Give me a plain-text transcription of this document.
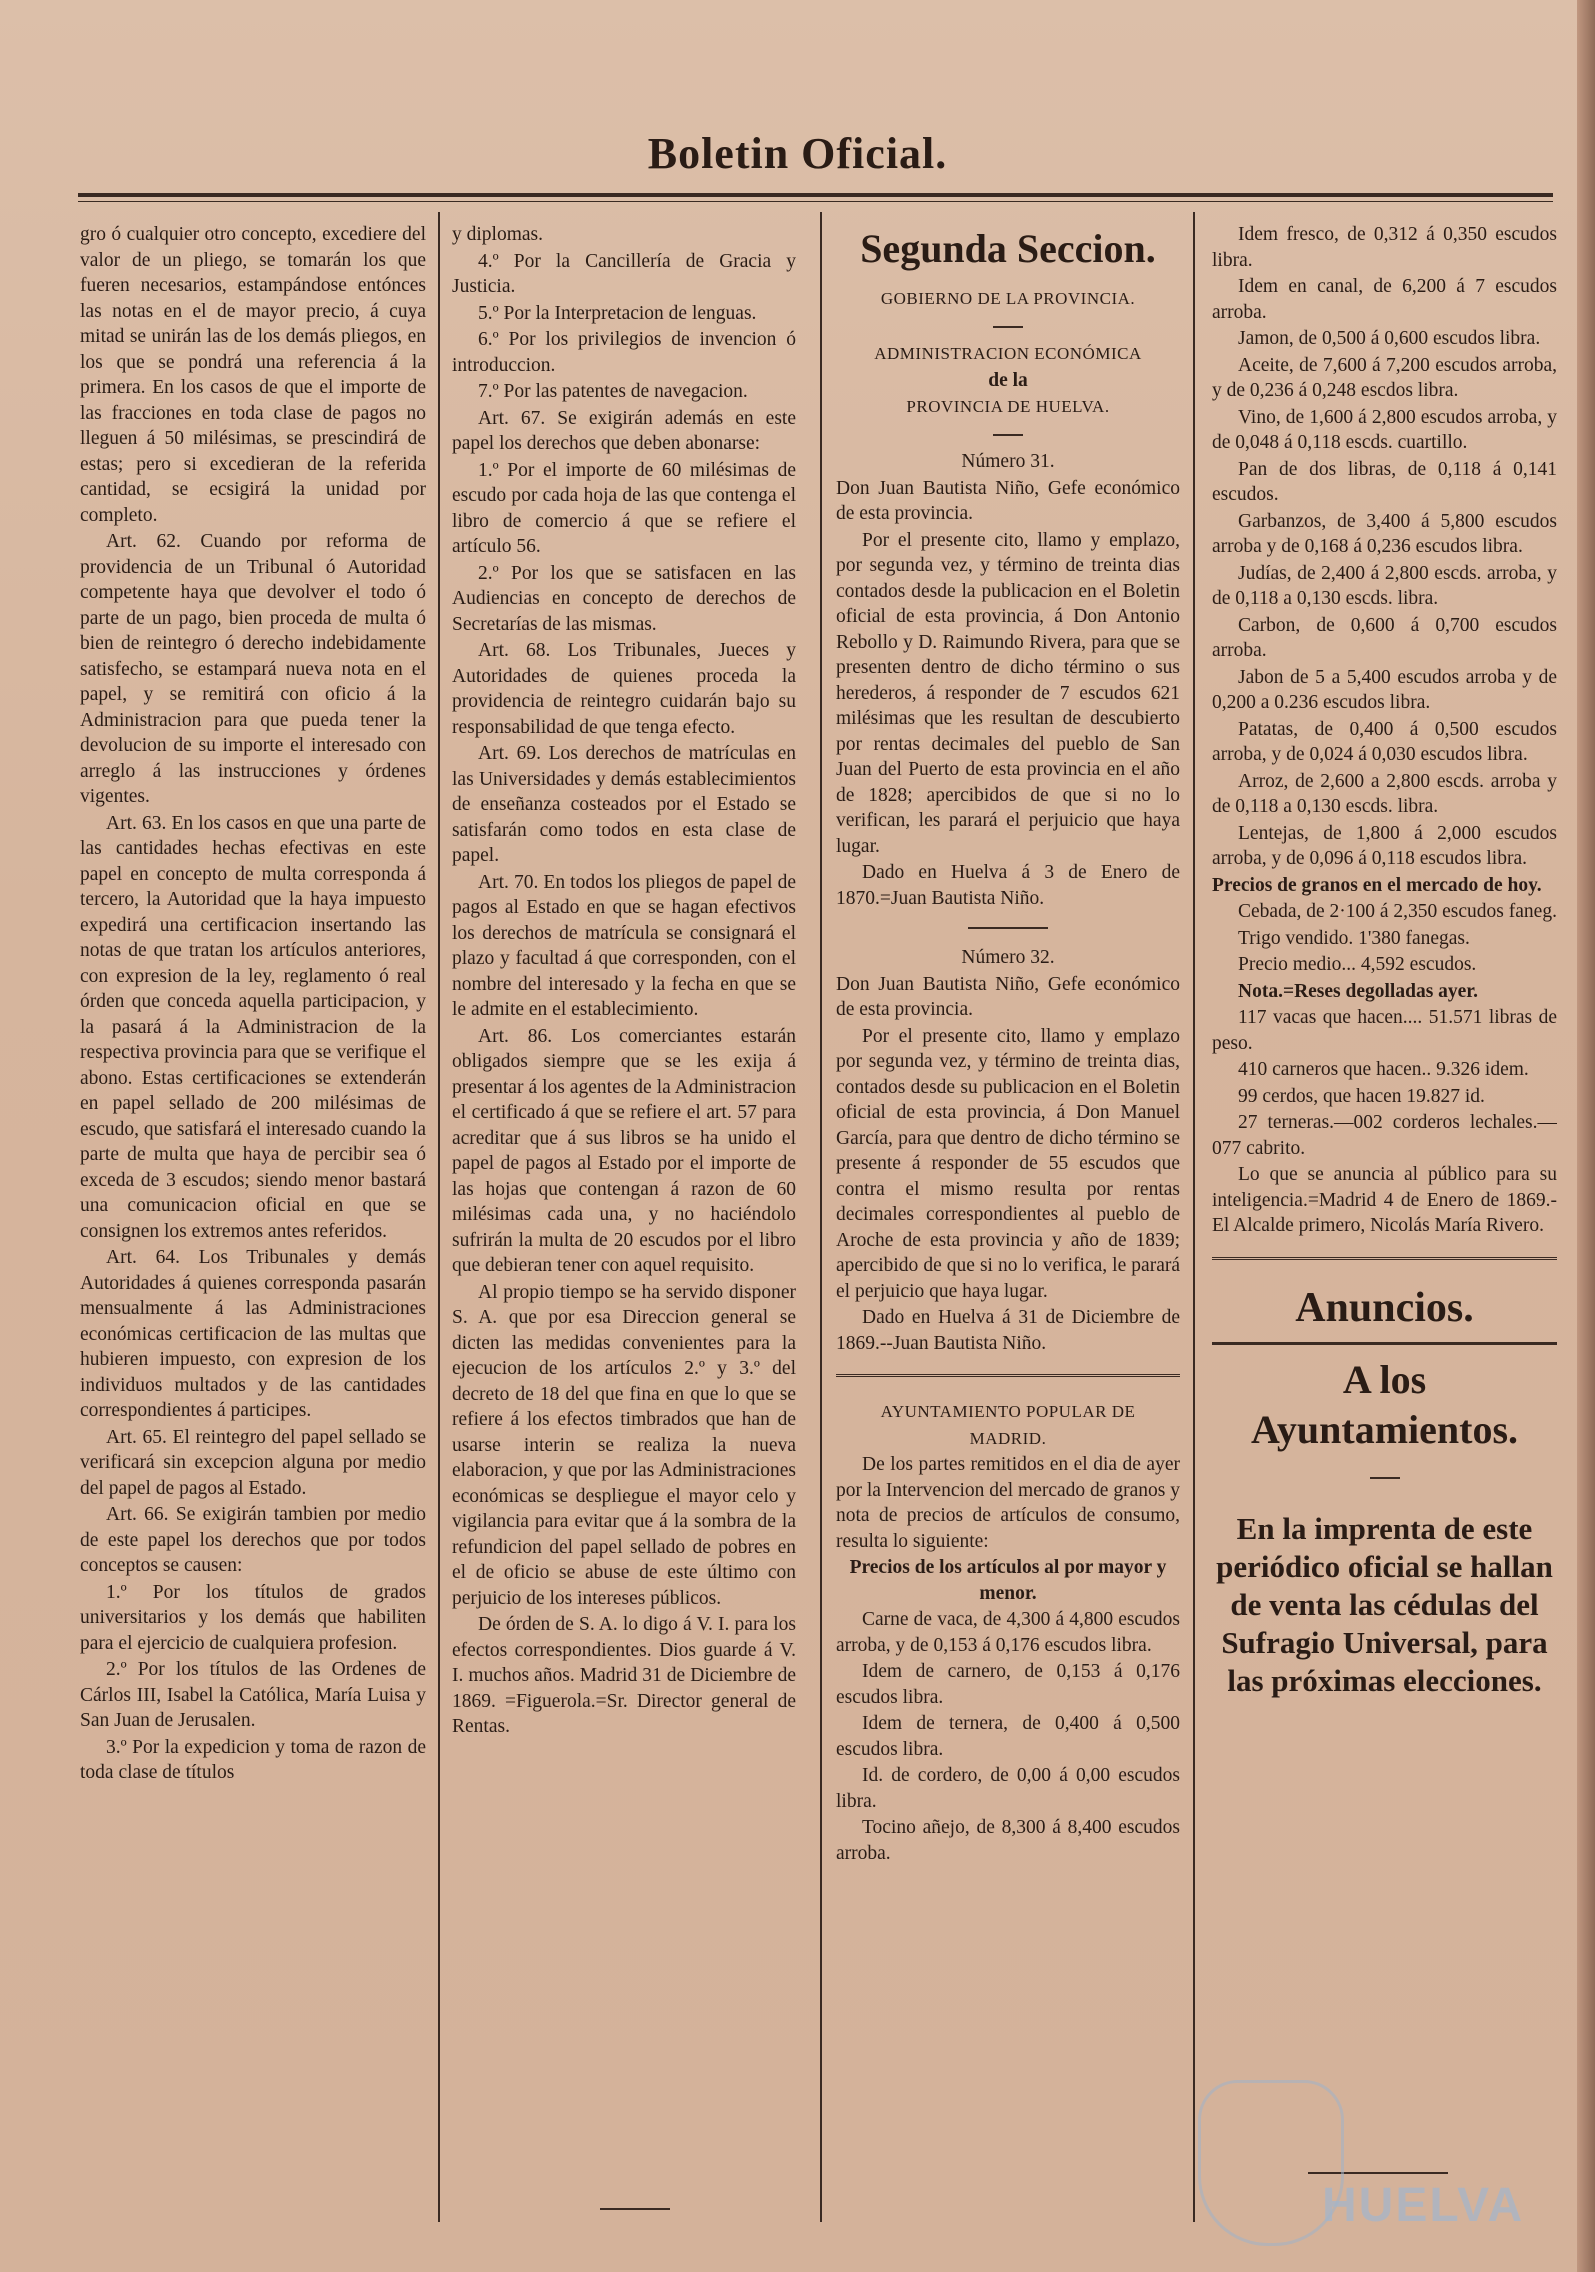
Boletin Oficial.

gro ó cualquier otro concepto, excediere del valor de un pliego, se tomarán los que fueren necesarios, estampándose entónces las notas en el de mayor precio, á cuya mitad se unirán las de los demás pliegos, en los que se pondrá una referencia á la primera. En los casos de que el importe de las fracciones en toda clase de pagos no lleguen á 50 milésimas, se prescindirá de estas; pero si excedieran de la referida cantidad, se ecsigirá la unidad por completo.

Art. 62. Cuando por reforma de providencia de un Tribunal ó Autoridad competente haya que devolver el todo ó parte de un pago, bien proceda de multa ó bien de reintegro ó derecho indebidamente satisfecho, se estampará nueva nota en el papel, y se remitirá con oficio á la Administracion para que pueda tener la devolucion de su importe el interesado con arreglo á las instrucciones y órdenes vigentes.

Art. 63. En los casos en que una parte de las cantidades hechas efectivas en este papel en concepto de multa corresponda á tercero, la Autoridad que la haya impuesto expedirá una certificacion insertando las notas de que tratan los artículos anteriores, con expresion de la ley, reglamento ó real órden que conceda aquella participacion, y la pasará á la Administracion de la respectiva provincia para que se verifique el abono. Estas certificaciones se extenderán en papel sellado de 200 milésimas de escudo, que satisfará el interesado cuando la parte de multa que haya de percibir sea ó exceda de 3 escudos; siendo menor bastará una comunicacion oficial en que se consignen los extremos antes referidos.

Art. 64. Los Tribunales y demás Autoridades á quienes corresponda pasarán mensualmente á las Administraciones económicas certificacion de las multas que hubieren impuesto, con expresion de los individuos multados y de las cantidades correspondientes á participes.

Art. 65. El reintegro del papel sellado se verificará sin excepcion alguna por medio del papel de pagos al Estado.

Art. 66. Se exigirán tambien por medio de este papel los derechos que por todos conceptos se causen:

1.º Por los títulos de grados universitarios y los demás que habiliten para el ejercicio de cualquiera profesion.

2.º Por los títulos de las Ordenes de Cárlos III, Isabel la Católica, María Luisa y San Juan de Jerusalen.

3.º Por la expedicion y toma de razon de toda clase de títulos

y diplomas.

4.º Por la Cancillería de Gracia y Justicia.

5.º Por la Interpretacion de lenguas.

6.º Por los privilegios de invencion ó introduccion.

7.º Por las patentes de navegacion.

Art. 67. Se exigirán además en este papel los derechos que deben abonarse:

1.º Por el importe de 60 milésimas de escudo por cada hoja de las que contenga el libro de comercio á que se refiere el artículo 56.

2.º Por los que se satisfacen en las Audiencias en concepto de derechos de Secretarías de las mismas.

Art. 68. Los Tribunales, Jueces y Autoridades de quienes proceda la providencia de reintegro cuidarán bajo su responsabilidad de que tenga efecto.

Art. 69. Los derechos de matrículas en las Universidades y demás establecimientos de enseñanza costeados por el Estado se satisfarán como todos en esta clase de papel.

Art. 70. En todos los pliegos de papel de pagos al Estado en que se hagan efectivos los derechos de matrícula se consignará el plazo y facultad á que corresponden, con el nombre del interesado y la fecha en que se le admite en el establecimiento.

Art. 86. Los comerciantes estarán obligados siempre que se les exija á presentar á los agentes de la Administracion el certificado á que se refiere el art. 57 para acreditar que á sus libros se ha unido el papel de pagos al Estado por el importe de las hojas que contengan á razon de 60 milésimas cada una, y no haciéndolo sufrirán la multa de 20 escudos por el libro que debieran tener con aquel requisito.

Al propio tiempo se ha servido disponer S. A. que por esa Direccion general se dicten las medidas convenientes para la ejecucion de los artículos 2.º y 3.º del decreto de 18 del que fina en que lo que se refiere á los efectos timbrados que han de usarse interin se realiza la nueva elaboracion, y que por las Administraciones económicas se despliegue el mayor celo y vigilancia para evitar que á la sombra de la refundicion del papel sellado de pobres en el de oficio se abuse de este último con perjuicio de los intereses públicos.

De órden de S. A. lo digo á V. I. para los efectos correspondientes. Dios guarde á V. I. muchos años. Madrid 31 de Diciembre de 1869. =Figuerola.=Sr. Director general de Rentas.

Segunda Seccion.

GOBIERNO DE LA PROVINCIA.

ADMINISTRACION ECONÓMICA

de la

PROVINCIA DE HUELVA.

Número 31.

Don Juan Bautista Niño, Gefe económico de esta provincia.

Por el presente cito, llamo y emplazo, por segunda vez, y término de treinta dias contados desde la publicacion en el Boletin oficial de esta provincia, á Don Antonio Rebollo y D. Raimundo Rivera, para que se presenten dentro de dicho término o sus herederos, á responder de 7 escudos 621 milésimas que les resultan de descubierto por rentas decimales del pueblo de San Juan del Puerto de esta provincia en el año de 1828; apercibidos de que si no lo verifican, les parará el perjuicio que haya lugar.

Dado en Huelva á 3 de Enero de 1870.=Juan Bautista Niño.

Número 32.

Don Juan Bautista Niño, Gefe económico de esta provincia.

Por el presente cito, llamo y emplazo por segunda vez, y término de treinta dias, contados desde su publicacion en el Boletin oficial de esta provincia, á Don Manuel García, para que dentro de dicho término se presente á responder de 55 escudos que contra el mismo resulta por rentas decimales correspondientes al pueblo de Aroche de esta provincia y año de 1839; apercibido de que si no lo verifica, le parará el perjuicio que haya lugar.

Dado en Huelva á 31 de Diciembre de 1869.--Juan Bautista Niño.

AYUNTAMIENTO POPULAR DE

MADRID.

De los partes remitidos en el dia de ayer por la Intervencion del mercado de granos y nota de precios de artículos de consumo, resulta lo siguiente:

Precios de los artículos al por mayor y menor.

Carne de vaca, de 4,300 á 4,800 escudos arroba, y de 0,153 á 0,176 escudos libra.

Idem de carnero, de 0,153 á 0,176 escudos libra.

Idem de ternera, de 0,400 á 0,500 escudos libra.

Id. de cordero, de 0,00 á 0,00 escudos libra.

Tocino añejo, de 8,300 á 8,400 escudos arroba.

Idem fresco, de 0,312 á 0,350 escudos libra.

Idem en canal, de 6,200 á 7 escudos arroba.

Jamon, de 0,500 á 0,600 escudos libra.

Aceite, de 7,600 á 7,200 escudos arroba, y de 0,236 á 0,248 escdos libra.

Vino, de 1,600 á 2,800 escudos arroba, y de 0,048 á 0,118 escds. cuartillo.

Pan de dos libras, de 0,118 á 0,141 escudos.

Garbanzos, de 3,400 á 5,800 escudos arroba y de 0,168 á 0,236 escudos libra.

Judías, de 2,400 á 2,800 escds. arroba, y de 0,118 a 0,130 escds. libra.

Carbon, de 0,600 á 0,700 escudos arroba.

Jabon de 5 a 5,400 escudos arroba y de 0,200 a 0.236 escudos libra.

Patatas, de 0,400 á 0,500 escudos arroba, y de 0,024 á 0,030 escudos libra.

Arroz, de 2,600 a 2,800 escds. arroba y de 0,118 a 0,130 escds. libra.

Lentejas, de 1,800 á 2,000 escudos arroba, y de 0,096 á 0,118 escudos libra.

Precios de granos en el mercado de hoy.

Cebada, de 2·100 á 2,350 escudos faneg.

Trigo vendido. 1'380 fanegas.

Precio medio... 4,592 escudos.

Nota.=Reses degolladas ayer.

117 vacas que hacen.... 51.571 libras de peso.

410 carneros que hacen.. 9.326 idem.

99 cerdos, que hacen 19.827 id.

27 terneras.—002 corderos lechales.—077 cabrito.

Lo que se anuncia al público para su inteligencia.=Madrid 4 de Enero de 1869.-El Alcalde primero, Nicolás María Rivero.

Anuncios.
A los Ayuntamientos.
En la imprenta de este periódico oficial se hallan de venta las cédulas del Sufragio Universal, para las próximas elecciones.
HUELVA
